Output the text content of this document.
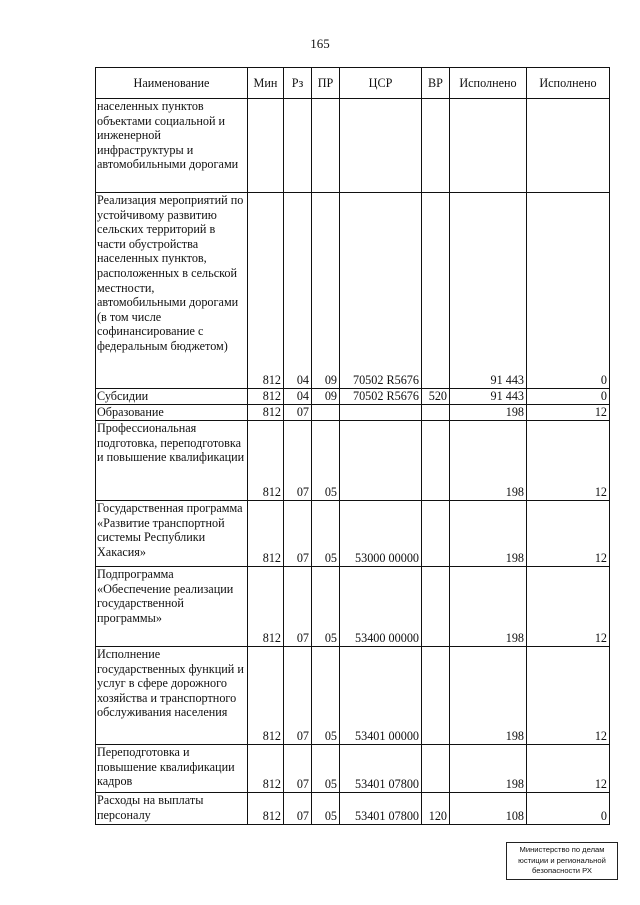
165
Наименование	Мин	Рз	ПР	ЦСР	ВР	Исполнено	Исполнено
населенных пунктов объектами социальной и инженерной инфраструктуры и автомобильными дорогами							
Реализация мероприятий по устойчивому развитию сельских территорий в части обустройства населенных пунктов, расположенных в сельской местности, автомобильными дорогами (в том числе софинансирование с федеральным бюджетом)	812	04	09	70502 R5676		91 443	0
Субсидии	812	04	09	70502 R5676	520	91 443	0
Образование	812	07				198	12
Профессиональная подготовка, переподготовка и повышение квалификации	812	07	05			198	12
Государственная программа «Развитие транспортной системы Республики Хакасия»	812	07	05	53000 00000		198	12
Подпрограмма «Обеспечение реализации государственной программы»	812	07	05	53400 00000		198	12
Исполнение государственных функций и услуг в сфере дорожного хозяйства и транспортного обслуживания населения	812	07	05	53401 00000		198	12
Переподготовка и повышение квалификации кадров	812	07	05	53401 07800		198	12
Расходы на выплаты персоналу	812	07	05	53401 07800	120	108	0
Министерство по делам
юстиции и региональной
безопасности РХ
